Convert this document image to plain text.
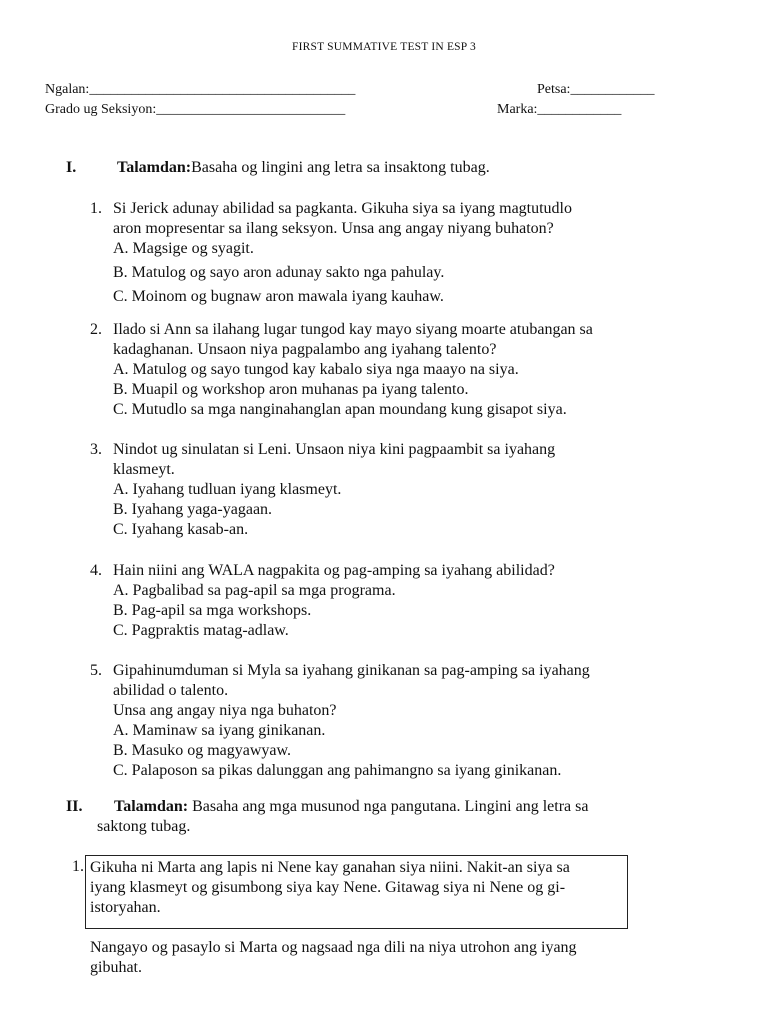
FIRST SUMMATIVE TEST IN ESP 3
Ngalan:______________________________________	Petsa:____________
Grado ug Seksiyon:___________________________	Marka:____________
I.	Talamdan:Basaha og lingini ang letra sa insaktong tubag.
1. Si Jerick adunay abilidad sa pagkanta. Gikuha siya sa iyang magtutudlo
aron mopresentar sa ilang seksyon. Unsa ang angay niyang buhaton?
A. Magsige og syagit.
B. Matulog og sayo aron adunay sakto nga pahulay.
C. Moinom og bugnaw aron mawala iyang kauhaw.
2. Ilado si Ann sa ilahang lugar tungod kay mayo siyang moarte atubangan sa
kadaghanan. Unsaon niya pagpalambo ang iyahang talento?
A. Matulog og sayo tungod kay kabalo siya nga maayo na siya.
B. Muapil og workshop aron muhanas pa iyang talento.
C. Mutudlo sa mga nanginahanglan apan moundang kung gisapot siya.
3. Nindot ug sinulatan si Leni. Unsaon niya kini pagpaambit sa iyahang
klasmeyt.
A. Iyahang tudluan iyang klasmeyt.
B. Iyahang yaga-yagaan.
C. Iyahang kasab-an.
4. Hain niini ang WALA nagpakita og pag-amping sa iyahang abilidad?
A. Pagbalibad sa pag-apil sa mga programa.
B. Pag-apil sa mga workshops.
C. Pagpraktis matag-adlaw.
5. Gipahinumduman si Myla sa iyahang ginikanan sa pag-amping sa iyahang
abilidad o talento.
Unsa ang angay niya nga buhaton?
A. Maminaw sa iyang ginikanan.
B. Masuko og magyawyaw.
C. Palaposon sa pikas dalunggan ang pahimangno sa iyang ginikanan.
II. Talamdan: Basaha ang mga musunod nga pangutana. Lingini ang letra sa
saktong tubag.
1. Gikuha ni Marta ang lapis ni Nene kay ganahan siya niini. Nakit-an siya sa
iyang klasmeyt og gisumbong siya kay Nene. Gitawag siya ni Nene og gi-
istoryahan.
Nangayo og pasaylo si Marta og nagsaad nga dili na niya utrohon ang iyang
gibuhat.
